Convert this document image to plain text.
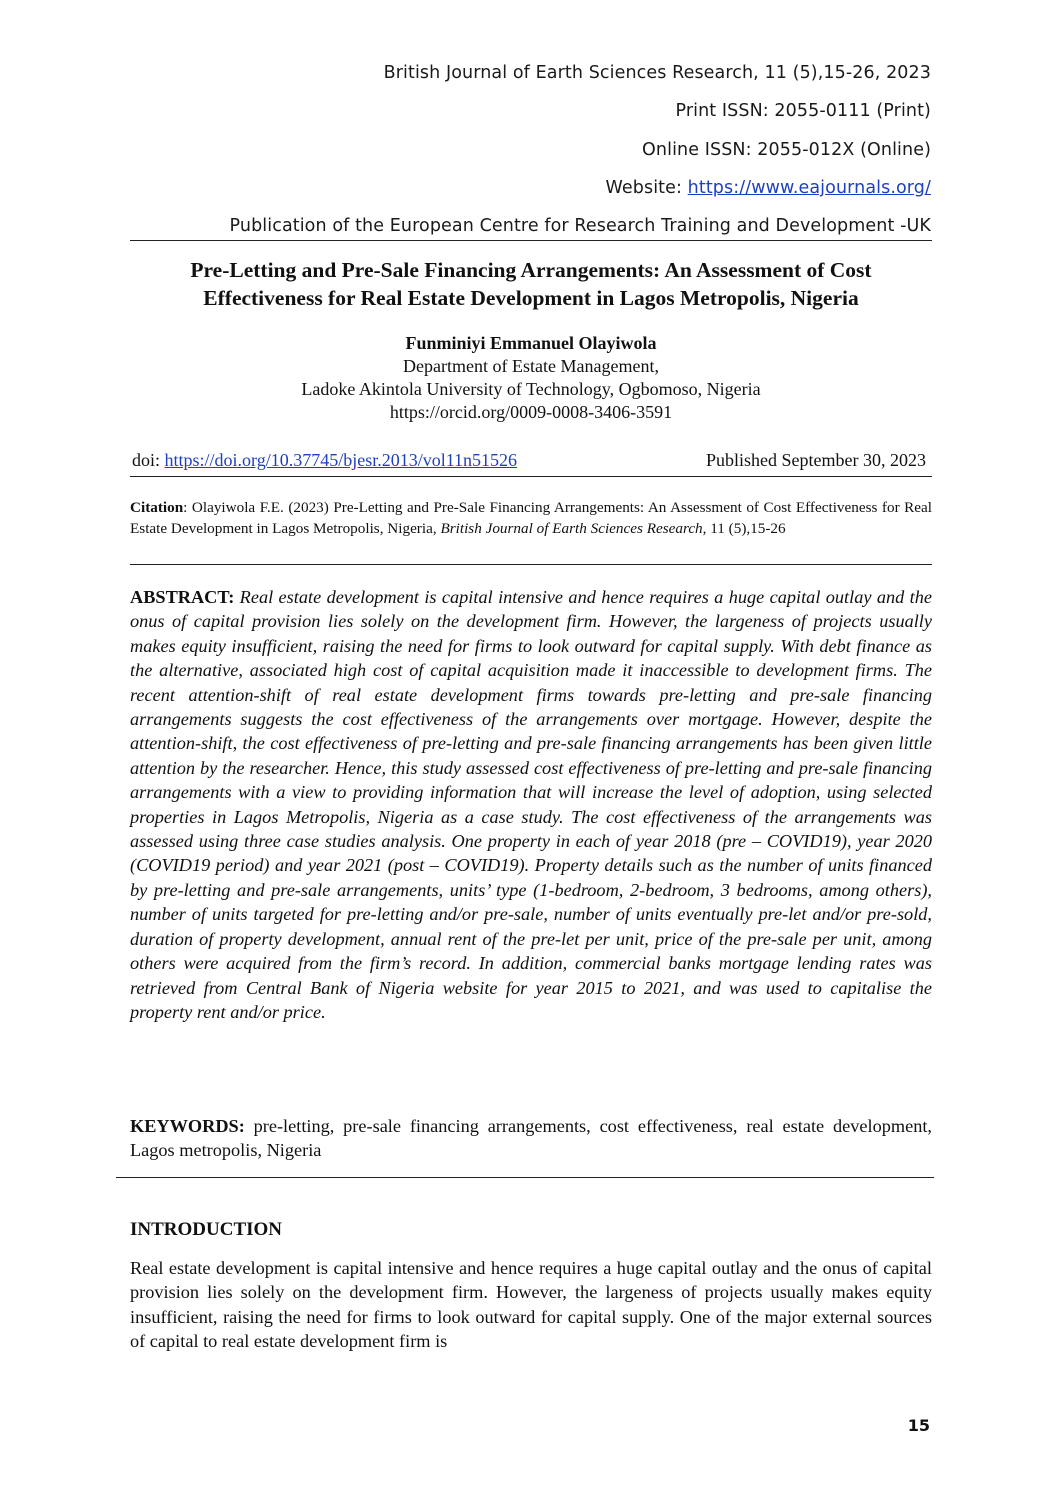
British Journal of Earth Sciences Research, 11 (5),15-26, 2023
Print ISSN: 2055-0111 (Print)
Online ISSN: 2055-012X (Online)
Website: https://www.eajournals.org/
Publication of the European Centre for Research Training and Development -UK
Pre-Letting and Pre-Sale Financing Arrangements: An Assessment of Cost Effectiveness for Real Estate Development in Lagos Metropolis, Nigeria
Funminiyi Emmanuel Olayiwola
Department of Estate Management,
Ladoke Akintola University of Technology, Ogbomoso, Nigeria
https://orcid.org/0009-0008-3406-3591
doi: https://doi.org/10.37745/bjesr.2013/vol11n51526	Published September 30, 2023
Citation: Olayiwola F.E. (2023) Pre-Letting and Pre-Sale Financing Arrangements: An Assessment of Cost Effectiveness for Real Estate Development in Lagos Metropolis, Nigeria, British Journal of Earth Sciences Research, 11 (5),15-26
ABSTRACT: Real estate development is capital intensive and hence requires a huge capital outlay and the onus of capital provision lies solely on the development firm. However, the largeness of projects usually makes equity insufficient, raising the need for firms to look outward for capital supply. With debt finance as the alternative, associated high cost of capital acquisition made it inaccessible to development firms. The recent attention-shift of real estate development firms towards pre-letting and pre-sale financing arrangements suggests the cost effectiveness of the arrangements over mortgage. However, despite the attention-shift, the cost effectiveness of pre-letting and pre-sale financing arrangements has been given little attention by the researcher. Hence, this study assessed cost effectiveness of pre-letting and pre-sale financing arrangements with a view to providing information that will increase the level of adoption, using selected properties in Lagos Metropolis, Nigeria as a case study. The cost effectiveness of the arrangements was assessed using three case studies analysis. One property in each of year 2018 (pre – COVID19), year 2020 (COVID19 period) and year 2021 (post – COVID19). Property details such as the number of units financed by pre-letting and pre-sale arrangements, units’ type (1-bedroom, 2-bedroom, 3 bedrooms, among others), number of units targeted for pre-letting and/or pre-sale, number of units eventually pre-let and/or pre-sold, duration of property development, annual rent of the pre-let per unit, price of the pre-sale per unit, among others were acquired from the firm’s record. In addition, commercial banks mortgage lending rates was retrieved from Central Bank of Nigeria website for year 2015 to 2021, and was used to capitalise the property rent and/or price.
KEYWORDS: pre-letting, pre-sale financing arrangements, cost effectiveness, real estate development, Lagos metropolis, Nigeria
INTRODUCTION
Real estate development is capital intensive and hence requires a huge capital outlay and the onus of capital provision lies solely on the development firm. However, the largeness of projects usually makes equity insufficient, raising the need for firms to look outward for capital supply. One of the major external sources of capital to real estate development firm is
15
